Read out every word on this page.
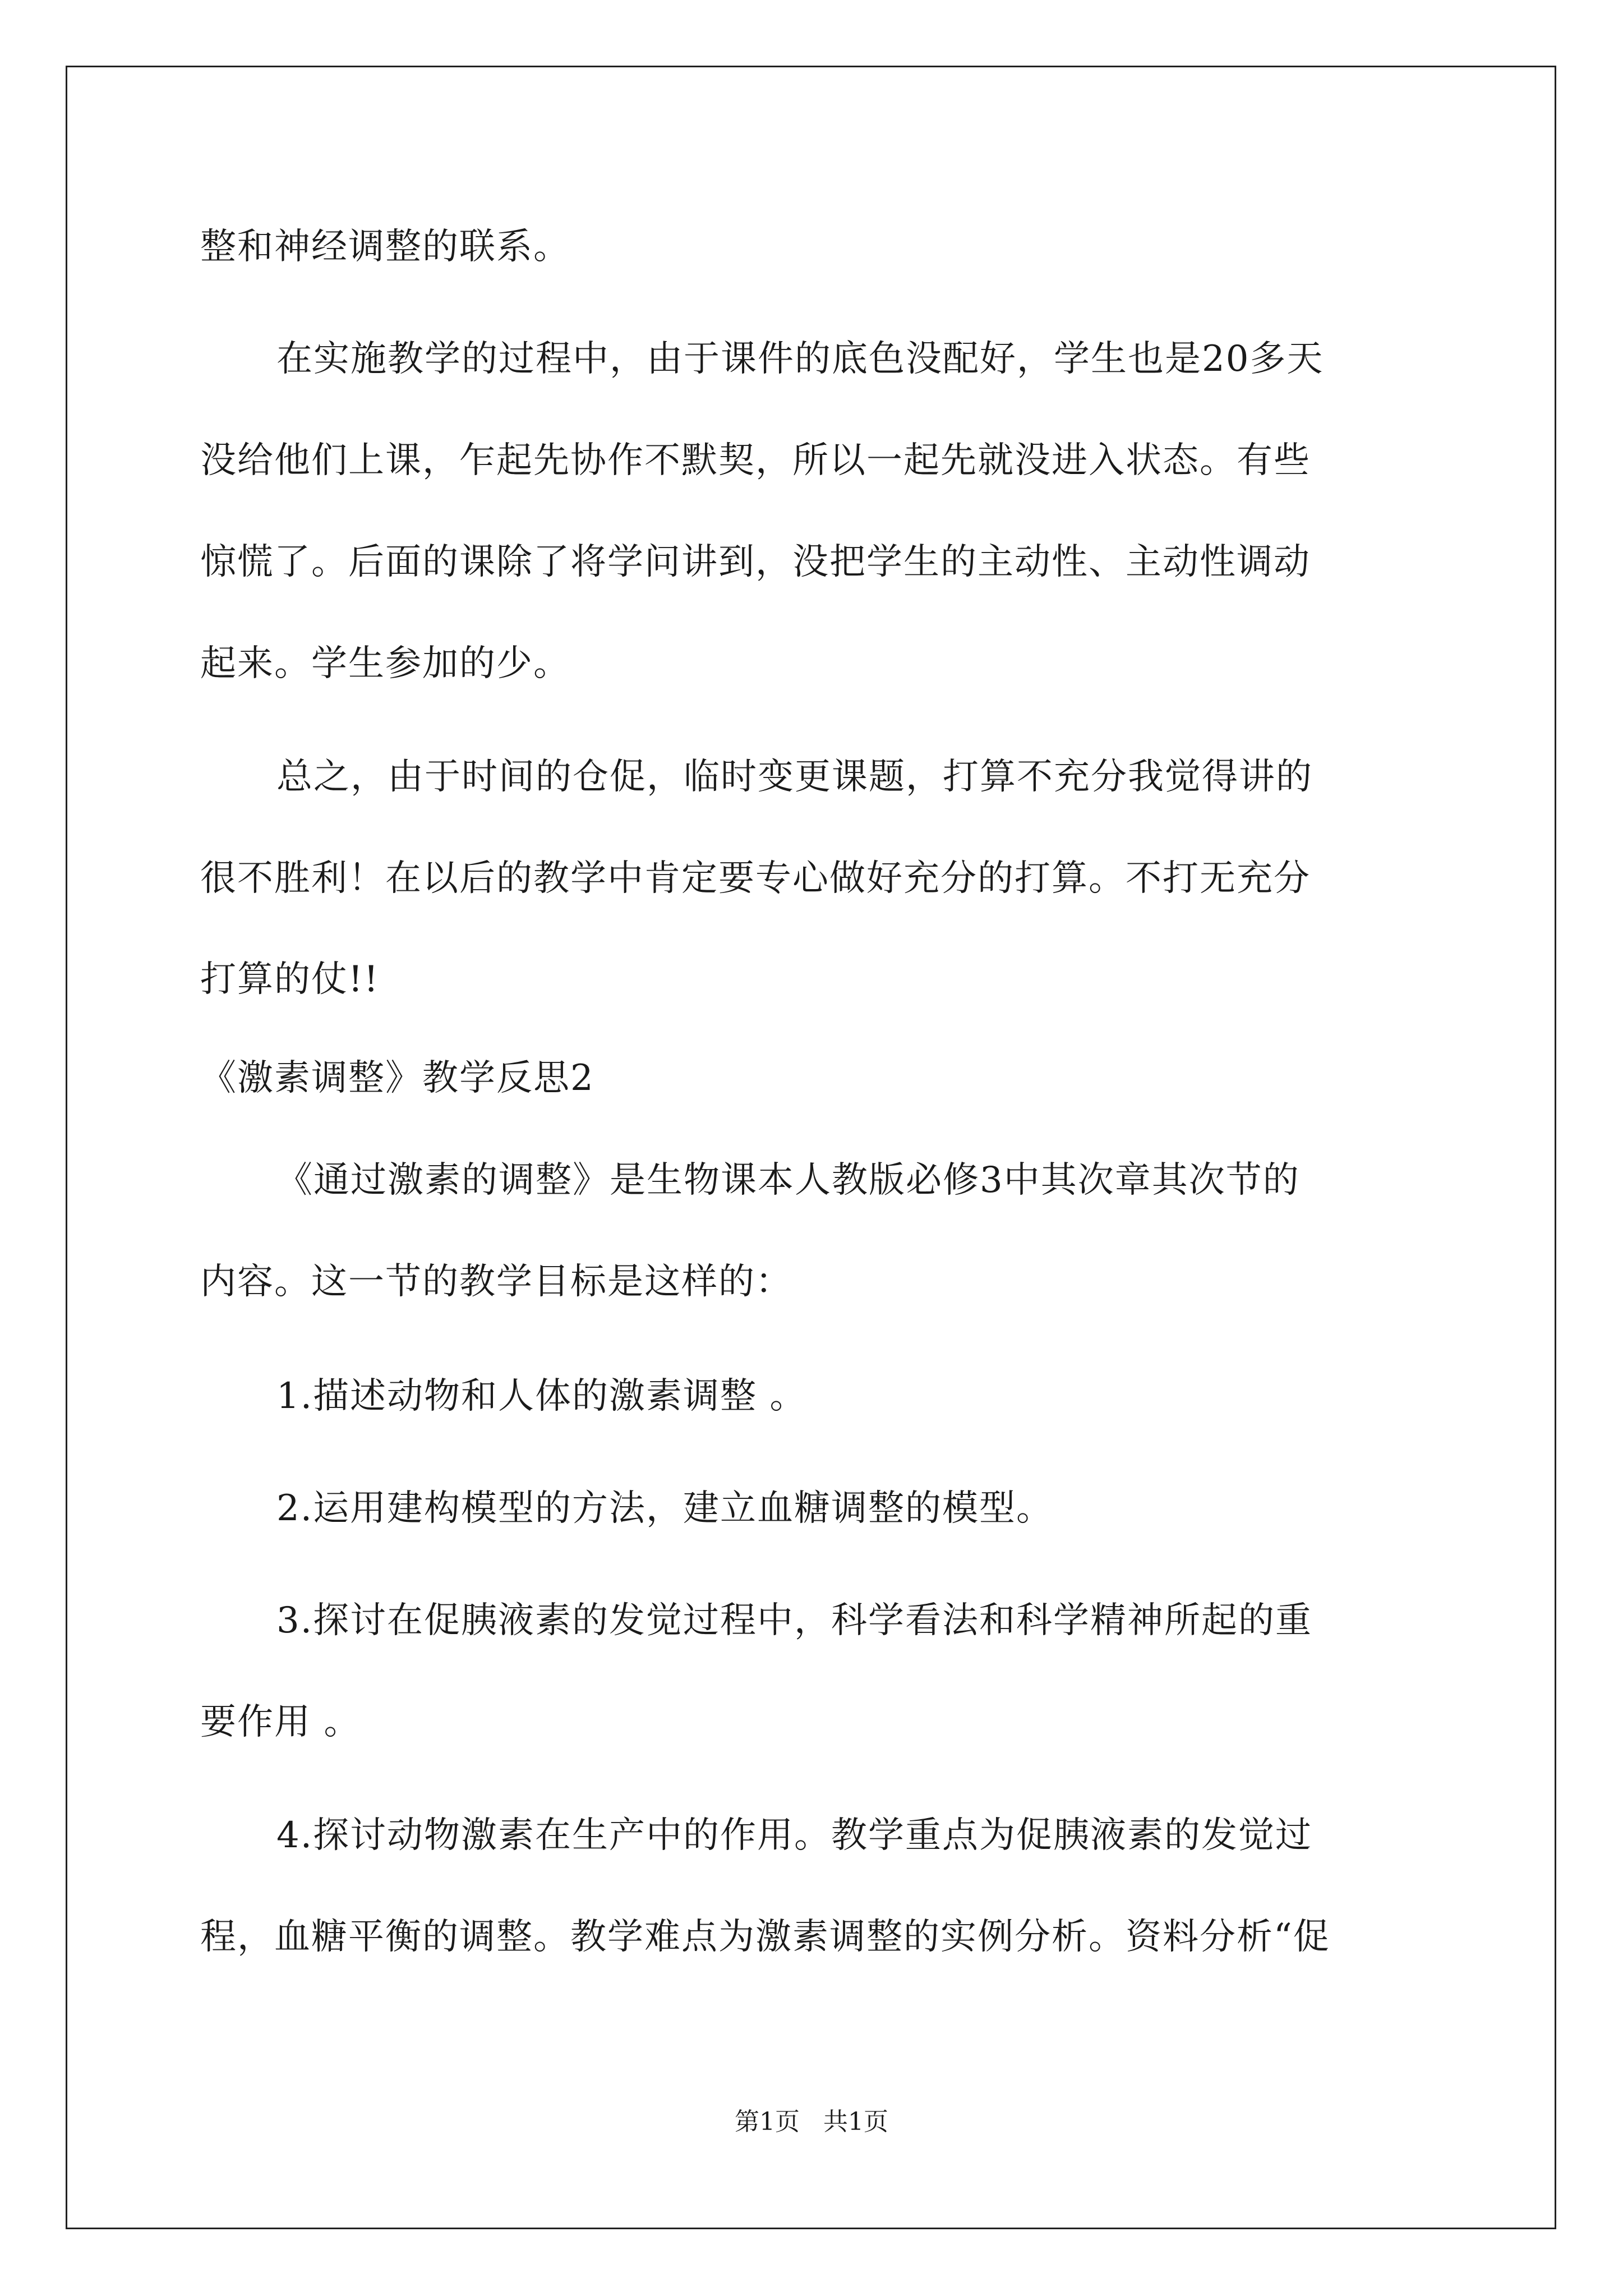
整和神经调整的联系。
在实施教学的过程中，由于课件的底色没配好，学生也是20多天
没给他们上课，乍起先协作不默契，所以一起先就没进入状态。有些
惊慌了。后面的课除了将学问讲到，没把学生的主动性、主动性调动
起来。学生参加的少。
总之，由于时间的仓促，临时变更课题，打算不充分我觉得讲的
很不胜利！在以后的教学中肯定要专心做好充分的打算。不打无充分
打算的仗!!
《激素调整》教学反思2
《通过激素的调整》是生物课本人教版必修3中其次章其次节的
内容。这一节的教学目标是这样的：
1.描述动物和人体的激素调整 。
2.运用建构模型的方法，建立血糖调整的模型。
3.探讨在促胰液素的发觉过程中，科学看法和科学精神所起的重
要作用 。
4.探讨动物激素在生产中的作用。教学重点为促胰液素的发觉过
程，血糖平衡的调整。教学难点为激素调整的实例分析。资料分析“促
第1页   共1页
